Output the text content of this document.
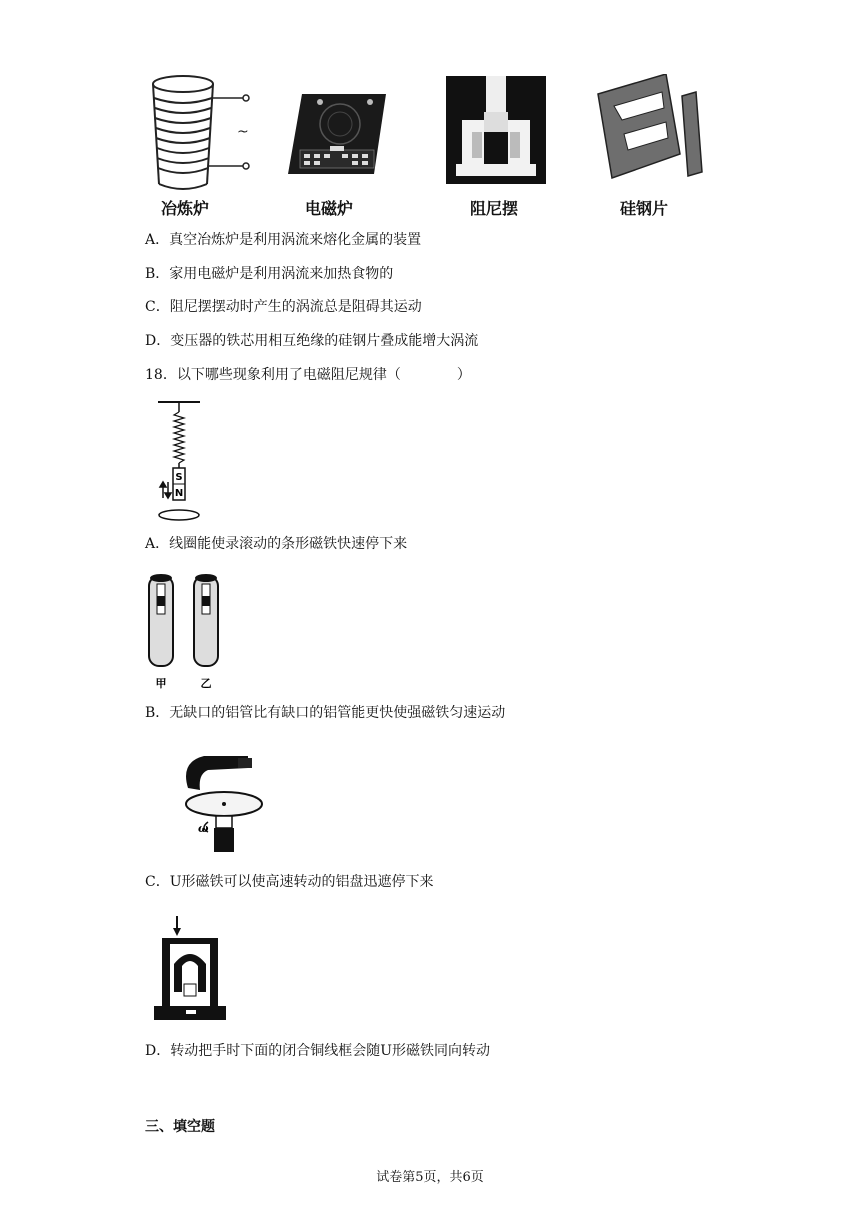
~
冶炼炉	电磁炉	阻尼摆	硅钢片
A．真空冶炼炉是利用涡流来熔化金属的装置
B．家用电磁炉是利用涡流来加热食物的
C．阻尼摆摆动时产生的涡流总是阻碍其运动
D．变压器的铁芯用相互绝缘的硅钢片叠成能增大涡流
18．以下哪些现象利用了电磁阻尼规律（　　　　）
S
N
A．线圈能使录滚动的条形磁铁快速停下来
甲	乙
B．无缺口的铝管比有缺口的铝管能更快使强磁铁匀速运动
ω
C．U形磁铁可以使高速转动的铝盘迅遮停下来
D．转动把手时下面的闭合铜线框会随U形磁铁同向转动
三、填空题
试卷第5页，共6页
